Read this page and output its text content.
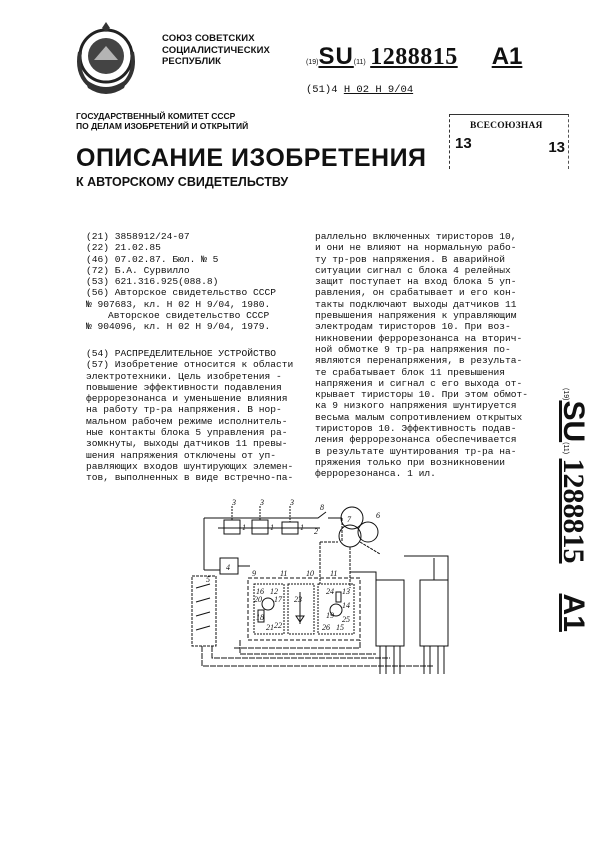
СОЮЗ СОВЕТСКИХ
СОЦИАЛИСТИЧЕСКИХ
РЕСПУБЛИК	(19)SU(11) 1288815 A1
(51)4 Н 02 Н 9/04
ГОСУДАРСТВЕННЫЙ КОМИТЕТ СССР
ПО ДЕЛАМ ИЗОБРЕТЕНИЙ И ОТКРЫТИЙ
ОПИСАНИЕ ИЗОБРЕТЕНИЯ
К АВТОРСКОМУ СВИДЕТЕЛЬСТВУ
ВСЕСОЮЗНАЯ
13	13
(21) 3858912/24-07
(22) 21.02.85
(46) 07.02.87. Бюл. № 5
(72) Б.А. Сурвилло
(53) 621.316.925(088.8)
(56) Авторское свидетельство СССР
№ 907683, кл. Н 02 Н 9/04, 1980.
Авторское свидетельство СССР
№ 904096, кл. Н 02 Н 9/04, 1979.
(54) РАСПРЕДЕЛИТЕЛЬНОЕ УСТРОЙСТВО
(57) Изобретение относится к области
электротехники. Цель изобретения -
повышение эффективности подавления
феррорезонанса и уменьшение влияния
на работу тр-ра напряжения. В нор-
мальном рабочем режиме исполнитель-
ные контакты блока 5 управления ра-
зомкнуты, выходы датчиков 11 превы-
шения напряжения отключены от уп-
равляющих входов шунтирующих элемен-
тов, выполненных в виде встречно-па-
раллельно включенных тиристоров 10,
и они не влияют на нормальную рабо-
ту тр-ров напряжения. В аварийной
ситуации сигнал с блока 4 релейных
защит поступает на вход блока 5 уп-
равления, он срабатывает и его кон-
такты подключают выходы датчиков 11
превышения напряжения к управляющим
электродам тиристоров 10. При воз-
никновении феррорезонанса на вторич-
ной обмотке 9 тр-ра напряжения по-
являются перенапряжения, в результа-
те срабатывает блок 11 превышения
напряжения и сигнал с его выхода от-
крывает тиристоры 10. При этом обмот-
ка 9 низкого напряжения шунтируется
весьма малым сопротивлением открытых
тиристоров 10. Эффективность подав-
ления феррорезонанса обеспечивается
в результате шунтирования тр-ра на-
пряжения только при возникновении
феррорезонанса. 1 ил.
(19)SU(11) 1288815A1
3	3	3
1	1	1 2
4
5
6
7
8
9	11	11
10
16 12
17
20
18
21 22
23
24 13
14
19 25
26 15
